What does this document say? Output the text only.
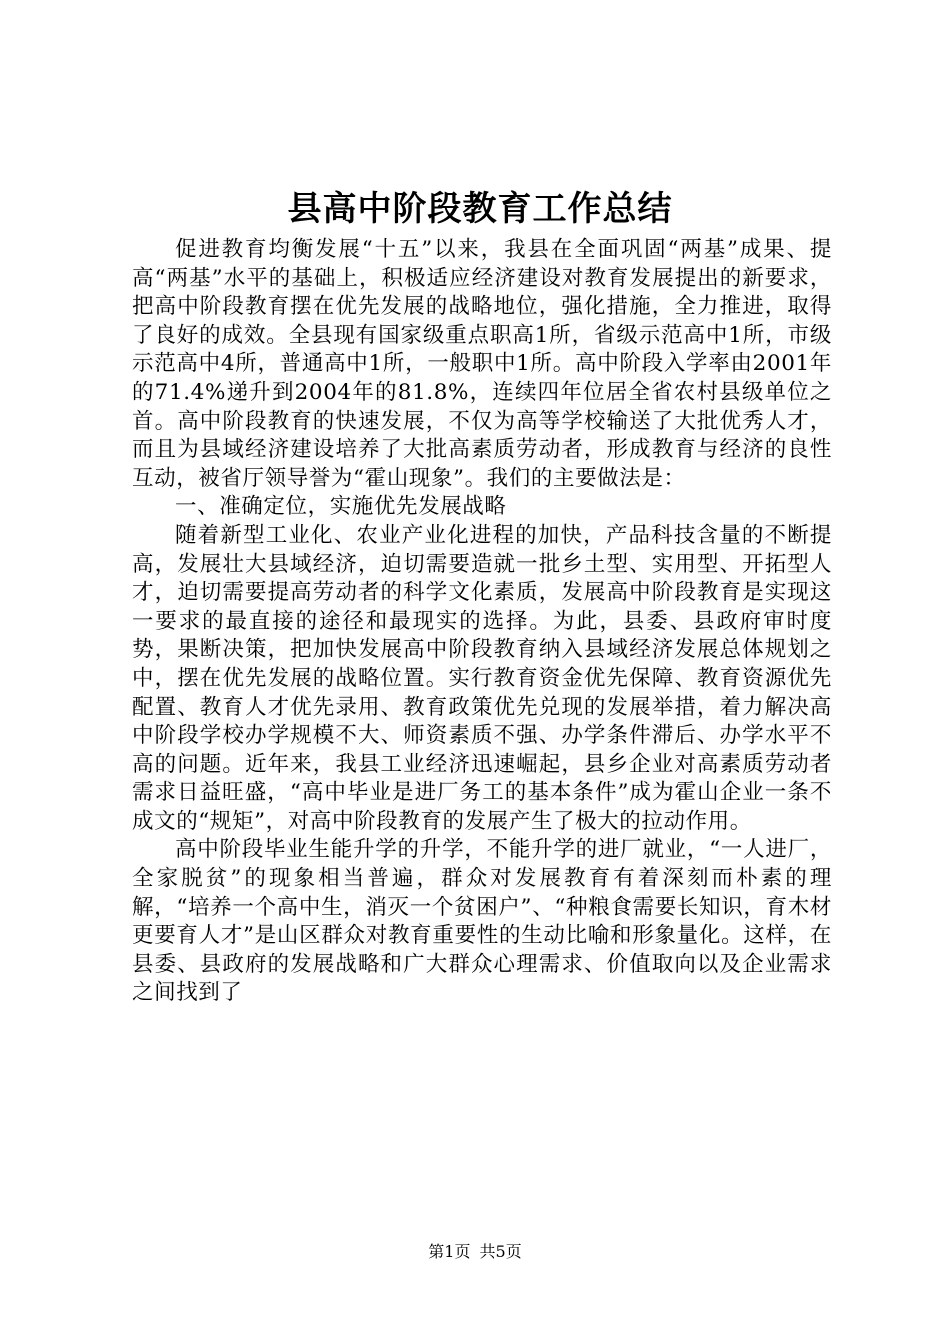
县高中阶段教育工作总结

促进教育均衡发展“十五”以来，我县在全面巩固“两基”成果、提高“两基”水平的基础上，积极适应经济建设对教育发展提出的新要求，把高中阶段教育摆在优先发展的战略地位，强化措施，全力推进，取得了良好的成效。全县现有国家级重点职高1所，省级示范高中1所，市级示范高中4所，普通高中1所，一般职中1所。高中阶段入学率由2001年的71.4%递升到2004年的81.8%，连续四年位居全省农村县级单位之首。高中阶段教育的快速发展，不仅为高等学校输送了大批优秀人才，而且为县域经济建设培养了大批高素质劳动者，形成教育与经济的良性互动，被省厅领导誉为“霍山现象”。我们的主要做法是：

一、准确定位，实施优先发展战略

随着新型工业化、农业产业化进程的加快，产品科技含量的不断提高，发展壮大县域经济，迫切需要造就一批乡土型、实用型、开拓型人才，迫切需要提高劳动者的科学文化素质，发展高中阶段教育是实现这一要求的最直接的途径和最现实的选择。为此，县委、县政府审时度势，果断决策，把加快发展高中阶段教育纳入县域经济发展总体规划之中，摆在优先发展的战略位置。实行教育资金优先保障、教育资源优先配置、教育人才优先录用、教育政策优先兑现的发展举措，着力解决高中阶段学校办学规模不大、师资素质不强、办学条件滞后、办学水平不高的问题。近年来，我县工业经济迅速崛起，县乡企业对高素质劳动者需求日益旺盛，“高中毕业是进厂务工的基本条件”成为霍山企业一条不成文的“规矩”，对高中阶段教育的发展产生了极大的拉动作用。

高中阶段毕业生能升学的升学，不能升学的进厂就业，“一人进厂，全家脱贫”的现象相当普遍，群众对发展教育有着深刻而朴素的理解，“培养一个高中生，消灭一个贫困户”、“种粮食需要长知识，育木材更要育人才”是山区群众对教育重要性的生动比喻和形象量化。这样，在县委、县政府的发展战略和广大群众心理需求、价值取向以及企业需求之间找到了

第1页 共5页
